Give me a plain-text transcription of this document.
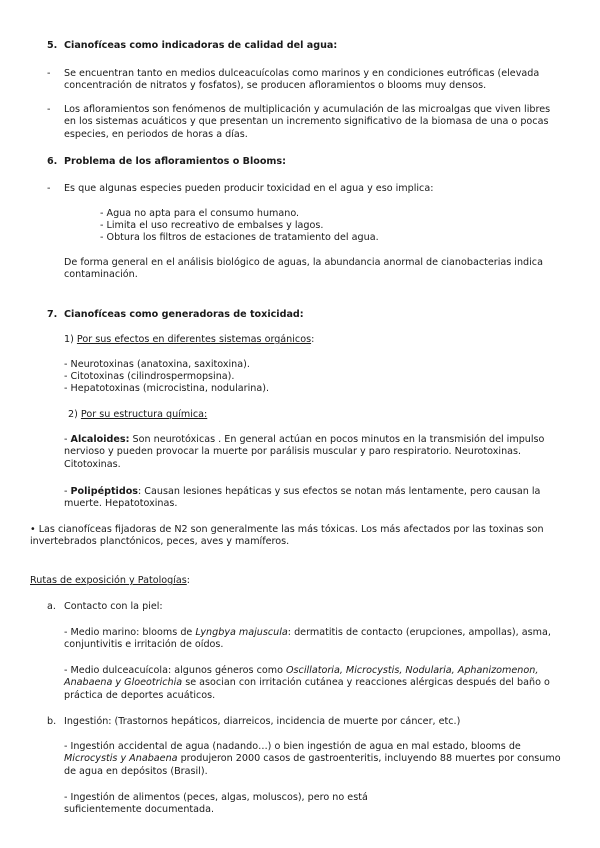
5. Cianofíceas como indicadoras de calidad del agua:
- Se encuentran tanto en medios dulceacuícolas como marinos y en condiciones eutróficas (elevada concentración de nitratos y fosfatos), se producen afloramientos o blooms muy densos.
- Los afloramientos son fenómenos de multiplicación y acumulación de las microalgas que viven libres en los sistemas acuáticos y que presentan un incremento significativo de la biomasa de una o pocas especies, en periodos de horas a días.
6. Problema de los afloramientos o Blooms:
- Es que algunas especies pueden producir toxicidad en el agua y eso implica:
- Agua no apta para el consumo humano.
- Limita el uso recreativo de embalses y lagos.
- Obtura los filtros de estaciones de tratamiento del agua.
De forma general en el análisis biológico de aguas, la abundancia anormal de cianobacterias indica contaminación.
7. Cianofíceas como generadoras de toxicidad:
1) Por sus efectos en diferentes sistemas orgánicos:
- Neurotoxinas (anatoxina, saxitoxina).
- Citotoxinas (cilindrospermopsina).
- Hepatotoxinas (microcistina, nodularina).
2) Por su estructura química:
- Alcaloides: Son neurotóxicas . En general actúan en pocos minutos en la transmisión del impulso nervioso y pueden provocar la muerte por parálisis muscular y paro respiratorio. Neurotoxinas. Citotoxinas.
- Polipéptidos: Causan lesiones hepáticas y sus efectos se notan más lentamente, pero causan la muerte. Hepatotoxinas.
• Las cianofíceas fijadoras de N2 son generalmente las más tóxicas. Los más afectados por las toxinas son invertebrados planctónicos, peces, aves y mamíferos.
Rutas de exposición y Patologías:
a. Contacto con la piel:
- Medio marino: blooms de Lyngbya majuscula: dermatitis de contacto (erupciones, ampollas), asma, conjuntivitis e irritación de oídos.
- Medio dulceacuícola: algunos géneros como Oscillatoria, Microcystis, Nodularia, Aphanizomenon, Anabaena y Gloeotrichia se asocian con irritación cutánea y reacciones alérgicas después del baño o práctica de deportes acuáticos.
b. Ingestión: (Trastornos hepáticos, diarreicos, incidencia de muerte por cáncer, etc.)
- Ingestión accidental de agua (nadando…) o bien ingestión de agua en mal estado, blooms de Microcystis y Anabaena produjeron 2000 casos de gastroenteritis, incluyendo 88 muertes por consumo de agua en depósitos (Brasil).
- Ingestión de alimentos (peces, algas, moluscos), pero no está
suficientemente documentada.
